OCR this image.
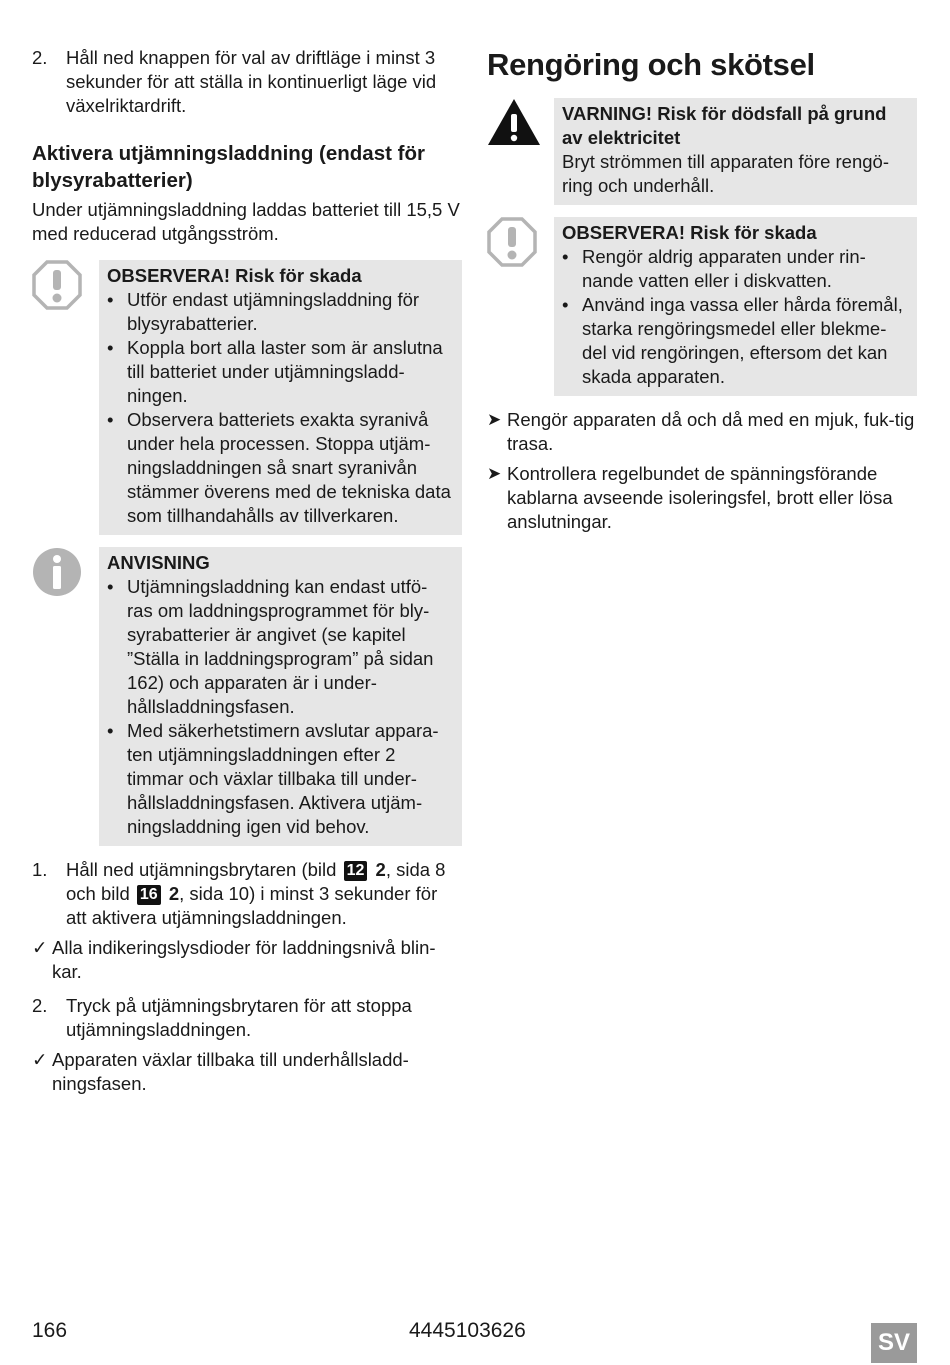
2.	Håll ned knappen för val av driftläge i minst 3 sekunder för att ställa in kontinuerligt läge vid växelriktardrift.
Aktivera utjämningsladdning (endast för blysyrabatterier)

Under utjämningsladdning laddas batteriet till 15,5 V med reducerad utgångsström.

OBSERVERA! Risk för skada
• Utför endast utjämningsladdning för blysyrabatterier.
• Koppla bort alla laster som är anslutna till batteriet under utjämningsladd-ningen.
• Observera batteriets exakta syranivå under hela processen. Stoppa utjäm-ningsladdningen så snart syranivån stämmer överens med de tekniska data som tillhandahålls av tillverkaren.
ANVISNING
• Utjämningsladdning kan endast utfö-ras om laddningsprogrammet för bly-syrabatterier är angivet (se kapitel ”Ställa in laddningsprogram” på sidan 162) och apparaten är i under-hållsladdningsfasen.
• Med säkerhetstimern avslutar appara-ten utjämningsladdningen efter 2 timmar och växlar tillbaka till under-hållsladdningsfasen. Aktivera utjäm-ningsladdning igen vid behov.
1.	Håll ned utjämningsbrytaren (bild 12 2, sida 8 och bild 16 2, sida 10) i minst 3 sekunder för att aktivera utjämningsladdningen.
✓ Alla indikeringslysdioder för laddningsnivå blin-kar.
2.	Tryck på utjämningsbrytaren för att stoppa utjämningsladdningen.
✓ Apparaten växlar tillbaka till underhållsladd-ningsfasen.
Rengöring och skötsel
VARNING! Risk för dödsfall på grund av elektricitet
Bryt strömmen till apparaten före rengö-ring och underhåll.
OBSERVERA! Risk för skada
• Rengör aldrig apparaten under rin-nande vatten eller i diskvatten.
• Använd inga vassa eller hårda föremål, starka rengöringsmedel eller blekme-del vid rengöringen, eftersom det kan skada apparaten.
➤ Rengör apparaten då och då med en mjuk, fuk-tig trasa.
➤ Kontrollera regelbundet de spänningsförande kablarna avseende isoleringsfel, brott eller lösa anslutningar.
166	4445103626	SV
